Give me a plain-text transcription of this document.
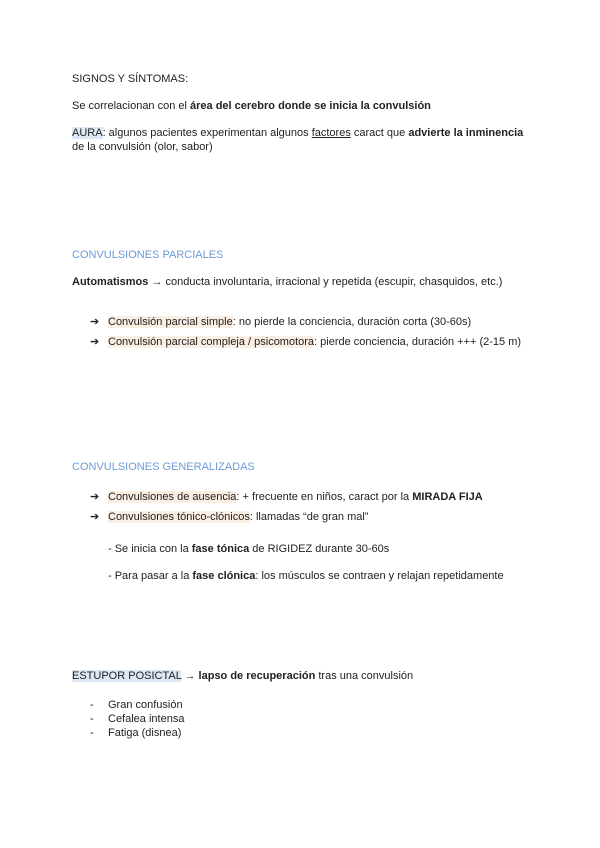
SIGNOS Y SÍNTOMAS:
Se correlacionan con el área del cerebro donde se inicia la convulsión
AURA: algunos pacientes experimentan algunos factores caract que advierte la inminencia
de la convulsión (olor, sabor)
CONVULSIONES PARCIALES
Automatismos → conducta involuntaria, irracional y repetida (escupir, chasquidos, etc.)
➔ Convulsión parcial simple: no pierde la conciencia, duración corta (30-60s)
➔ Convulsión parcial compleja / psicomotora: pierde conciencia, duración +++ (2-15 m)
CONVULSIONES GENERALIZADAS
➔ Convulsiones de ausencia: + frecuente en niños, caract por la MIRADA FIJA
➔ Convulsiones tónico-clónicos: llamadas “de gran mal”
- Se inicia con la fase tónica de RIGIDEZ durante 30-60s
- Para pasar a la fase clónica: los músculos se contraen y relajan repetidamente
ESTUPOR POSICTAL → lapso de recuperación tras una convulsión
- Gran confusión
- Cefalea intensa
- Fatiga (disnea)
